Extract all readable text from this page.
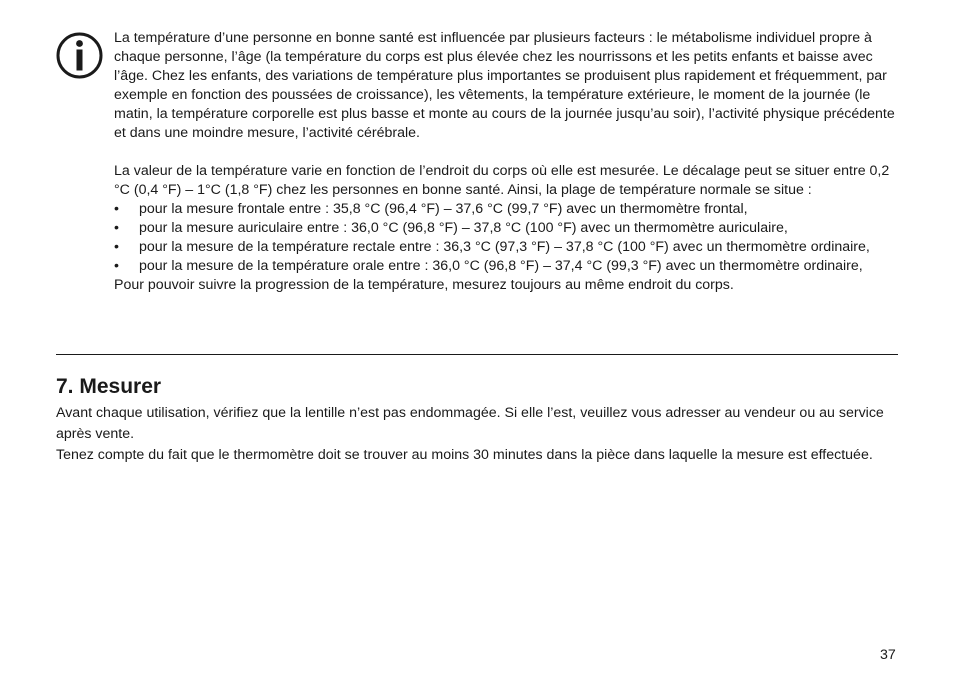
La température d’une personne en bonne santé est influencée par plusieurs facteurs : le métabolisme individuel propre à chaque personne, l’âge (la température du corps est plus élevée chez les nourrissons et les petits enfants et baisse avec l’âge. Chez les enfants, des variations de température plus importantes se produisent plus rapidement et fréquemment, par exemple en fonction des poussées de croissance), les vêtements, la température extérieure, le moment de la journée (le matin, la température corporelle est plus basse et monte au cours de la journée jusqu’au soir), l’activité physique précédente et dans une moindre mesure, l’activité cérébrale.

La valeur de la température varie en fonction de l’endroit du corps où elle est mesurée. Le décalage peut se situer entre 0,2 °C (0,4 °F) – 1°C (1,8 °F) chez les personnes en bonne santé. Ainsi, la plage de température normale se situe :

• pour la mesure frontale entre : 35,8 °C (96,4 °F) – 37,6 °C (99,7 °F) avec un thermomètre frontal,
• pour la mesure auriculaire entre : 36,0 °C (96,8 °F) – 37,8 °C (100 °F) avec un thermomètre auriculaire,
• pour la mesure de la température rectale entre : 36,3 °C (97,3 °F) – 37,8 °C (100 °F) avec un thermomètre ordinaire,
• pour la mesure de la température orale entre : 36,0 °C (96,8 °F) – 37,4 °C (99,3 °F) avec un thermomètre ordinaire,

Pour pouvoir suivre la progression de la température, mesurez toujours au même endroit du corps.

7. Mesurer

Avant chaque utilisation, vérifiez que la lentille n’est pas endommagée. Si elle l’est, veuillez vous adresser au vendeur ou au service après vente.

Tenez compte du fait que le thermomètre doit se trouver au moins 30 minutes dans la pièce dans laquelle la mesure est effectuée.

37
